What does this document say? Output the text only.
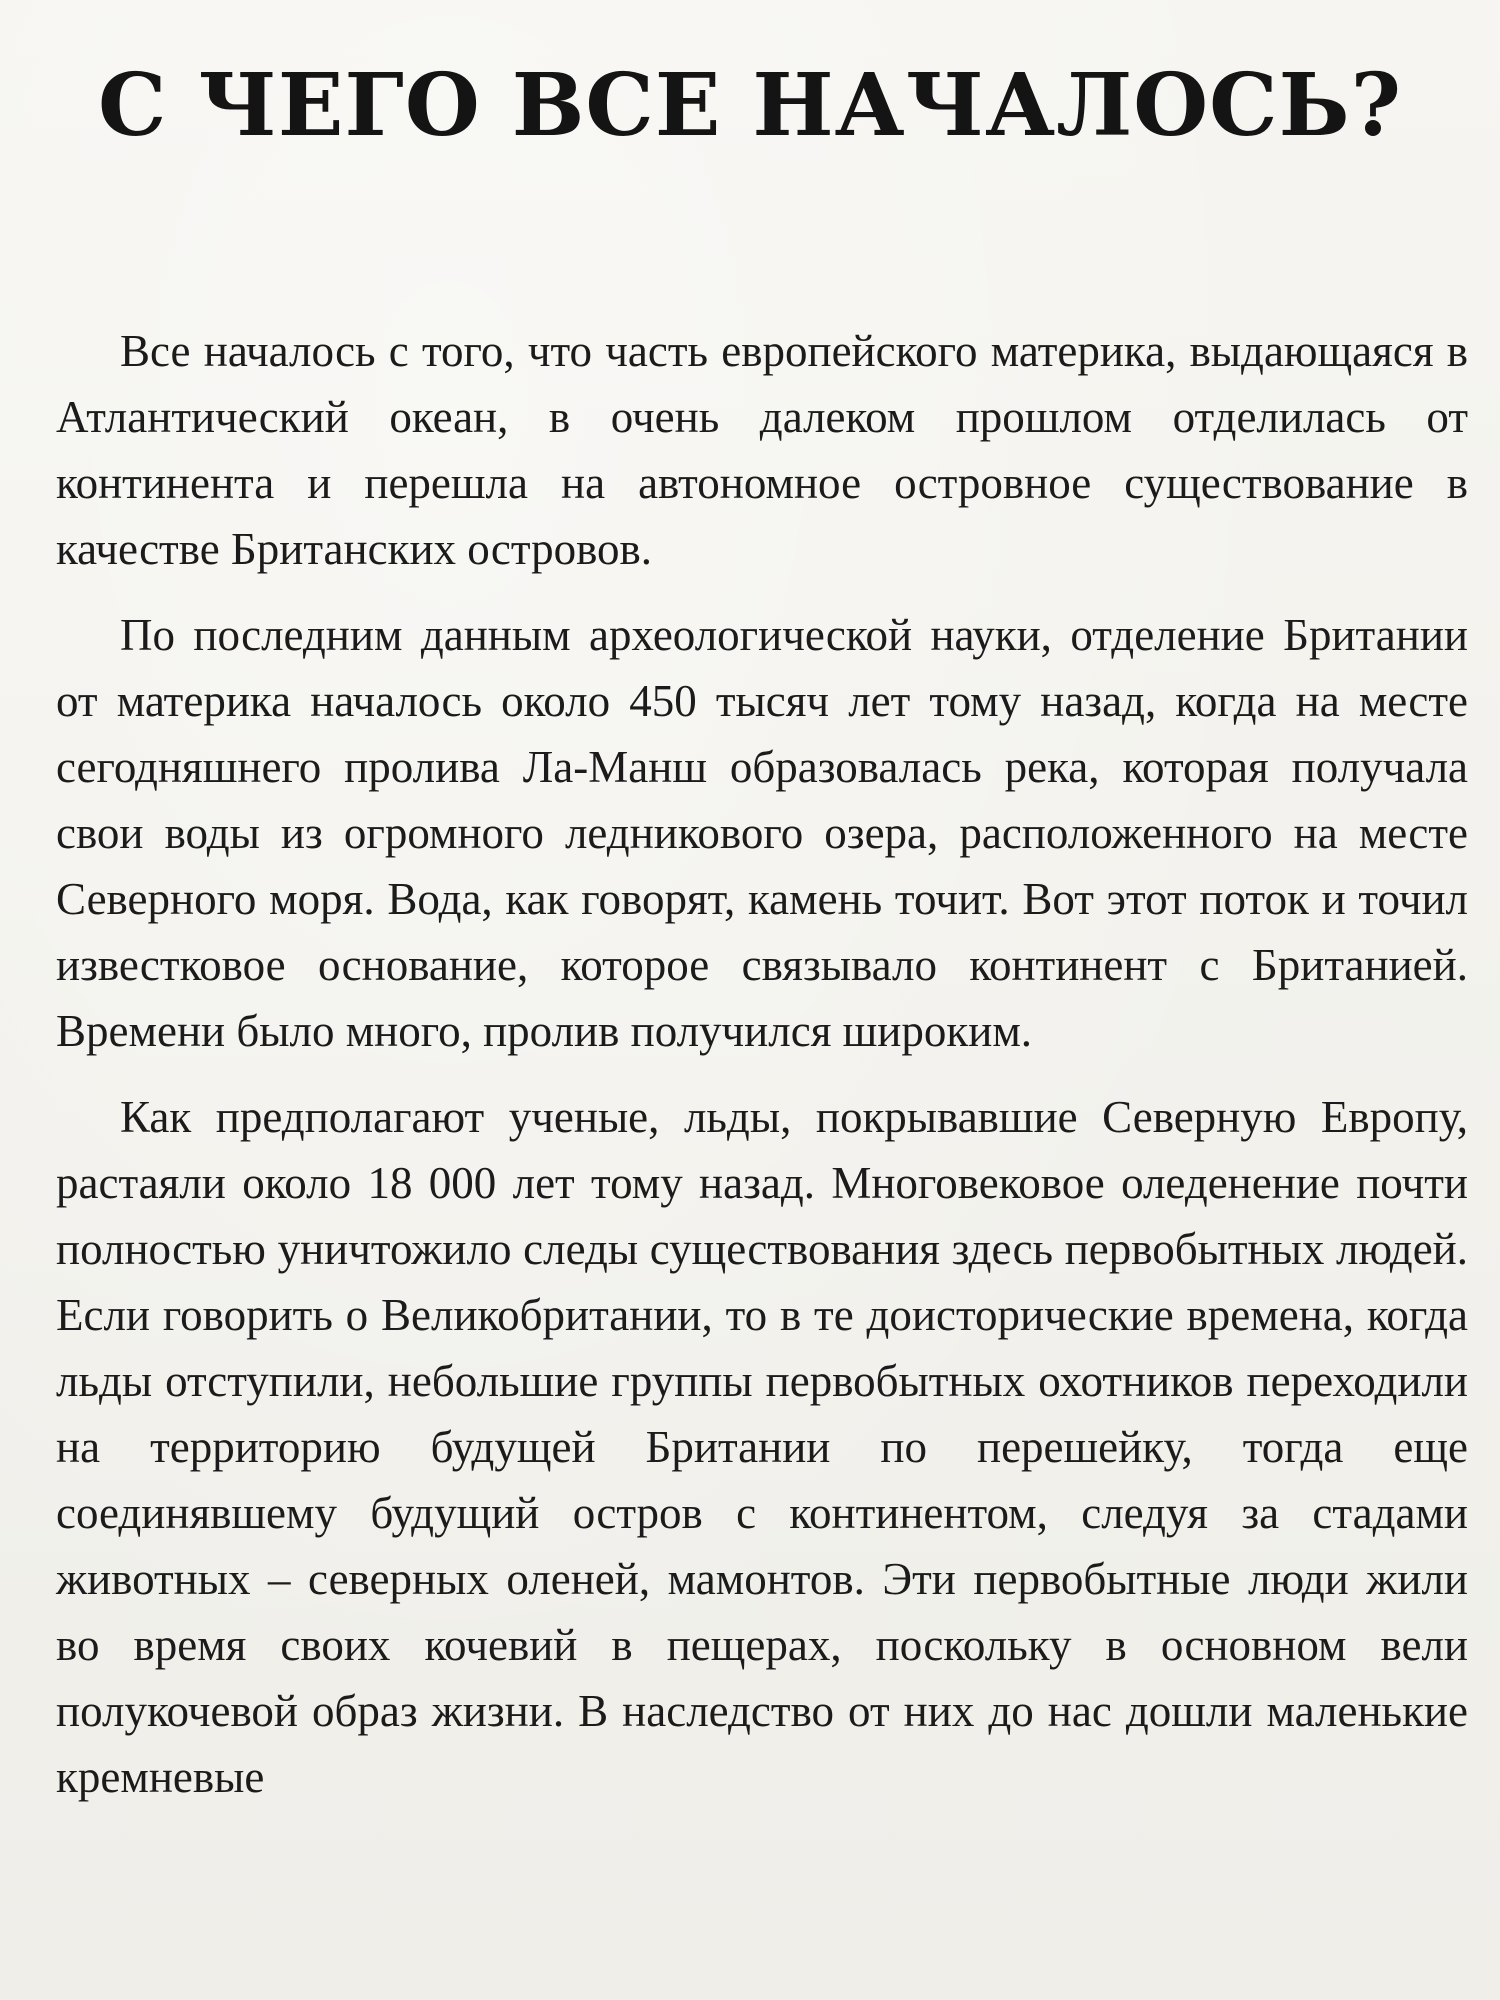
С ЧЕГО ВСЕ НАЧАЛОСЬ?

Все началось с того, что часть европейского материка, выдающаяся в Атлантический океан, в очень далеком прошлом отделилась от континента и перешла на автономное островное существование в качестве Британских островов.

По последним данным археологической науки, отделение Британии от материка началось около 450 тысяч лет тому назад, когда на месте сегодняшнего пролива Ла-Манш образовалась река, которая получала свои воды из огромного ледникового озера, расположенного на месте Северного моря. Вода, как говорят, камень точит. Вот этот поток и точил известковое основание, которое связывало континент с Британией. Времени было много, пролив получился широким.

Как предполагают ученые, льды, покрывавшие Северную Европу, растаяли около 18 000 лет тому назад. Многовековое оледенение почти полностью уничтожило следы существования здесь первобытных людей. Если говорить о Великобритании, то в те доисторические времена, когда льды отступили, небольшие группы первобытных охотников переходили на территорию будущей Британии по перешейку, тогда еще соединявшему будущий остров с континентом, следуя за стадами животных – северных оленей, мамонтов. Эти первобытные люди жили во время своих кочевий в пещерах, поскольку в основном вели полукочевой образ жизни. В наследство от них до нас дошли маленькие кремневые
